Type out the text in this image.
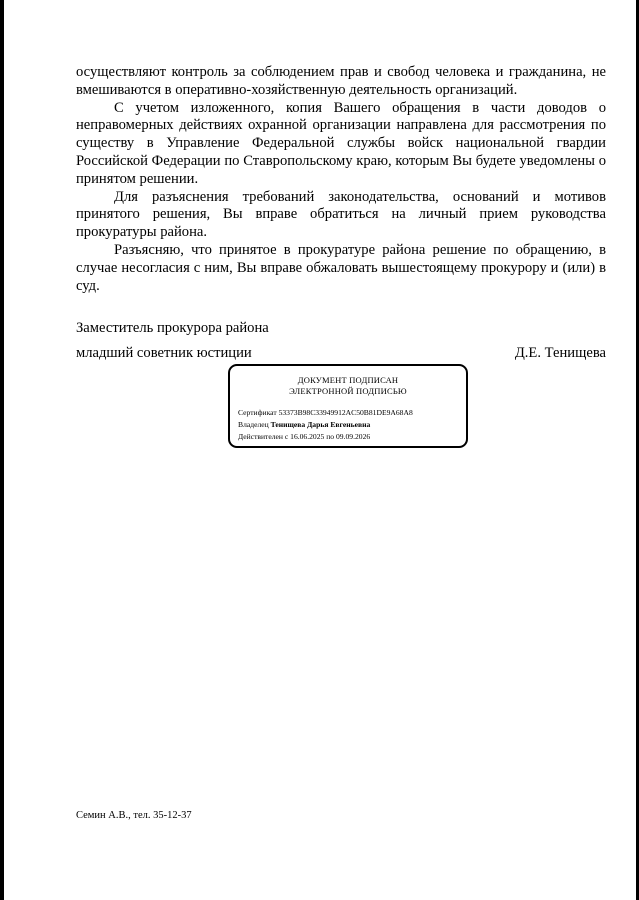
осуществляют контроль за соблюдением прав и свобод человека и гражданина, не вмешиваются в оперативно-хозяйственную деятельность организаций.

С учетом изложенного, копия Вашего обращения в части доводов о неправомерных действиях охранной организации направлена для рассмотрения по существу в Управление Федеральной службы войск национальной гвардии Российской Федерации по Ставропольскому краю, которым Вы будете уведомлены о принятом решении.

Для разъяснения требований законодательства, оснований и мотивов принятого решения, Вы вправе обратиться на личный прием руководства прокуратуры района.

Разъясняю, что принятое в прокуратуре района решение по обращению, в случае несогласия с ним, Вы вправе обжаловать вышестоящему прокурору и (или) в суд.

Заместитель прокурора района
младший советник юстиции	Д.Е. Тенищева
ДОКУМЕНТ ПОДПИСАН
ЭЛЕКТРОННОЙ ПОДПИСЬЮ
Сертификат 53373B98C33949912AC50B81DE9A68A8
Владелец Тенищева Дарья Евгеньевна
Действителен с 16.06.2025 по 09.09.2026
Семин А.В., тел. 35-12-37
